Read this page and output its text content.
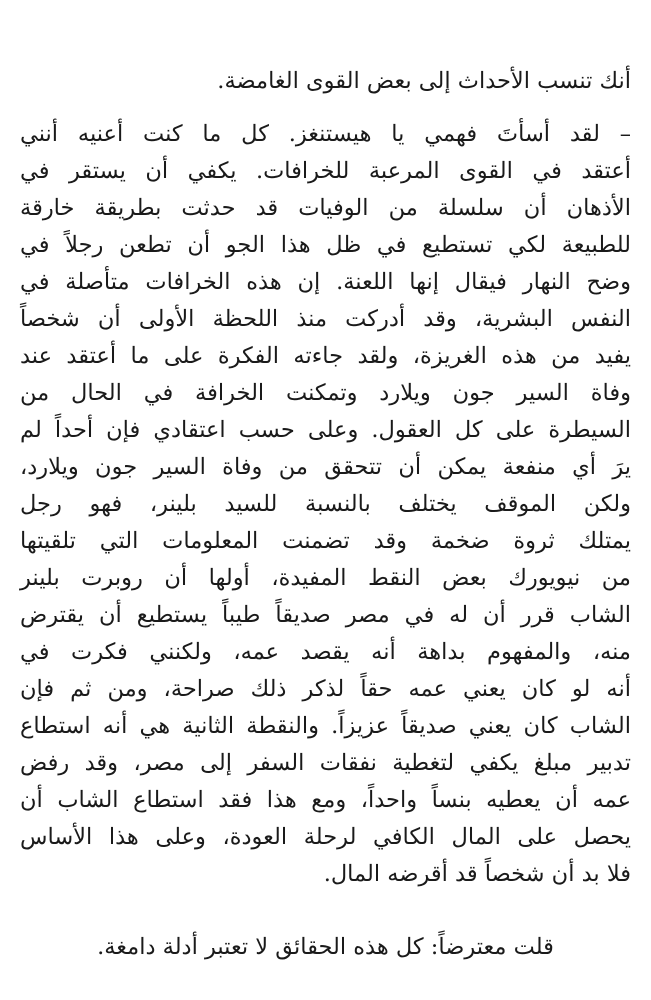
أنك تنسب الأحداث إلى بعض القوى الغامضة.
– لقد أسأتَ فهمي يا هيستنغز. كل ما كنت أعنيه أنني
أعتقد في القوى المرعبة للخرافات. يكفي أن يستقر في
الأذهان أن سلسلة من الوفيات قد حدثت بطريقة خارقة
للطبيعة لكي تستطيع في ظل هذا الجو أن تطعن رجلاً في
وضح النهار فيقال إنها اللعنة. إن هذه الخرافات متأصلة في
النفس البشرية، وقد أدركت منذ اللحظة الأولى أن شخصاً
يفيد من هذه الغريزة، ولقد جاءته الفكرة على ما أعتقد عند
وفاة السير جون ويلارد وتمكنت الخرافة في الحال من
السيطرة على كل العقول. وعلى حسب اعتقادي فإن أحداً لم
يرَ أي منفعة يمكن أن تتحقق من وفاة السير جون ويلارد،
ولكن الموقف يختلف بالنسبة للسيد بلينر، فهو رجل
يمتلك ثروة ضخمة وقد تضمنت المعلومات التي تلقيتها
من نيويورك بعض النقط المفيدة، أولها أن روبرت بلينر
الشاب قرر أن له في مصر صديقاً طيباً يستطيع أن يقترض
منه، والمفهوم بداهة أنه يقصد عمه، ولكنني فكرت في
أنه لو كان يعني عمه حقاً لذكر ذلك صراحة، ومن ثم فإن
الشاب كان يعني صديقاً عزيزاً. والنقطة الثانية هي أنه استطاع
تدبير مبلغ يكفي لتغطية نفقات السفر إلى مصر، وقد رفض
عمه أن يعطيه بنساً واحداً، ومع هذا فقد استطاع الشاب أن
يحصل على المال الكافي لرحلة العودة، وعلى هذا الأساس
فلا بد أن شخصاً قد أقرضه المال.
قلت معترضاً: كل هذه الحقائق لا تعتبر أدلة دامغة.
